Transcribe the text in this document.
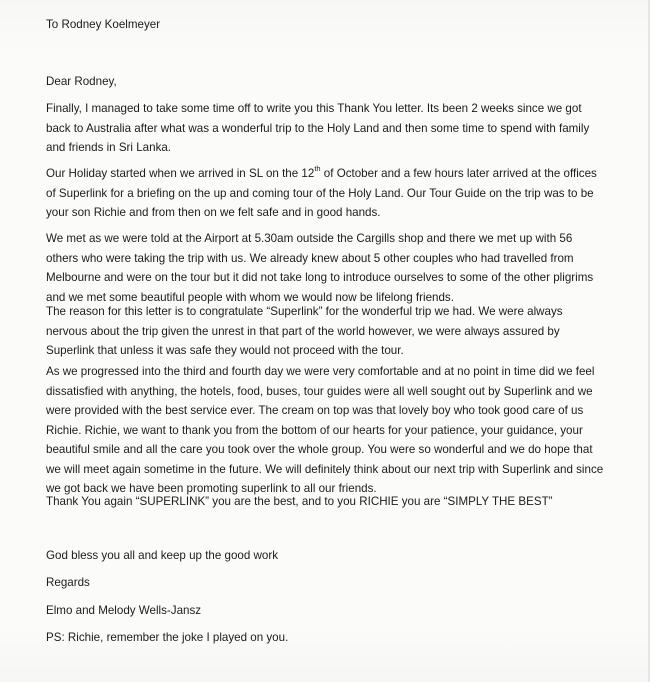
To Rodney Koelmeyer
Dear Rodney,

Finally, I managed to take some time off to write you this Thank You letter. Its been 2 weeks since we got back to Australia after what was a wonderful trip to the Holy Land and then some time to spend with family and friends in Sri Lanka.

Our Holiday started when we arrived in SL on the 12th of October and a few hours later arrived at the offices of Superlink for a briefing on the up and coming tour of the Holy Land. Our Tour Guide on the trip was to be your son Richie and from then on we felt safe and in good hands.

We met as we were told at the Airport at 5.30am outside the Cargills shop and there we met up with 56 others who were taking the trip with us. We already knew about 5 other couples who had travelled from Melbourne and were on the tour but it did not take long to introduce ourselves to some of the other pligrims and we met some beautiful people with whom we would now be lifelong friends.

The reason for this letter is to congratulate “Superlink” for the wonderful trip we had. We were always nervous about the trip given the unrest in that part of the world however, we were always assured by Superlink that unless it was safe they would not proceed with the tour.

As we progressed into the third and fourth day we were very comfortable and at no point in time did we feel dissatisfied with anything, the hotels, food, buses, tour guides were all well sought out by Superlink and we were provided with the best service ever. The cream on top was that lovely boy who took good care of us Richie. Richie, we want to thank you from the bottom of our hearts for your patience, your guidance, your beautiful smile and all the care you took over the whole group. You were so wonderful and we do hope that we will meet again sometime in the future. We will definitely think about our next trip with Superlink and since we got back we have been promoting superlink to all our friends.

Thank You again “SUPERLINK” you are the best, and to you RICHIE you are “SIMPLY THE BEST”

God bless you all and keep up the good work
Regards
Elmo and Melody Wells-Jansz
PS: Richie, remember the joke I played on you.
